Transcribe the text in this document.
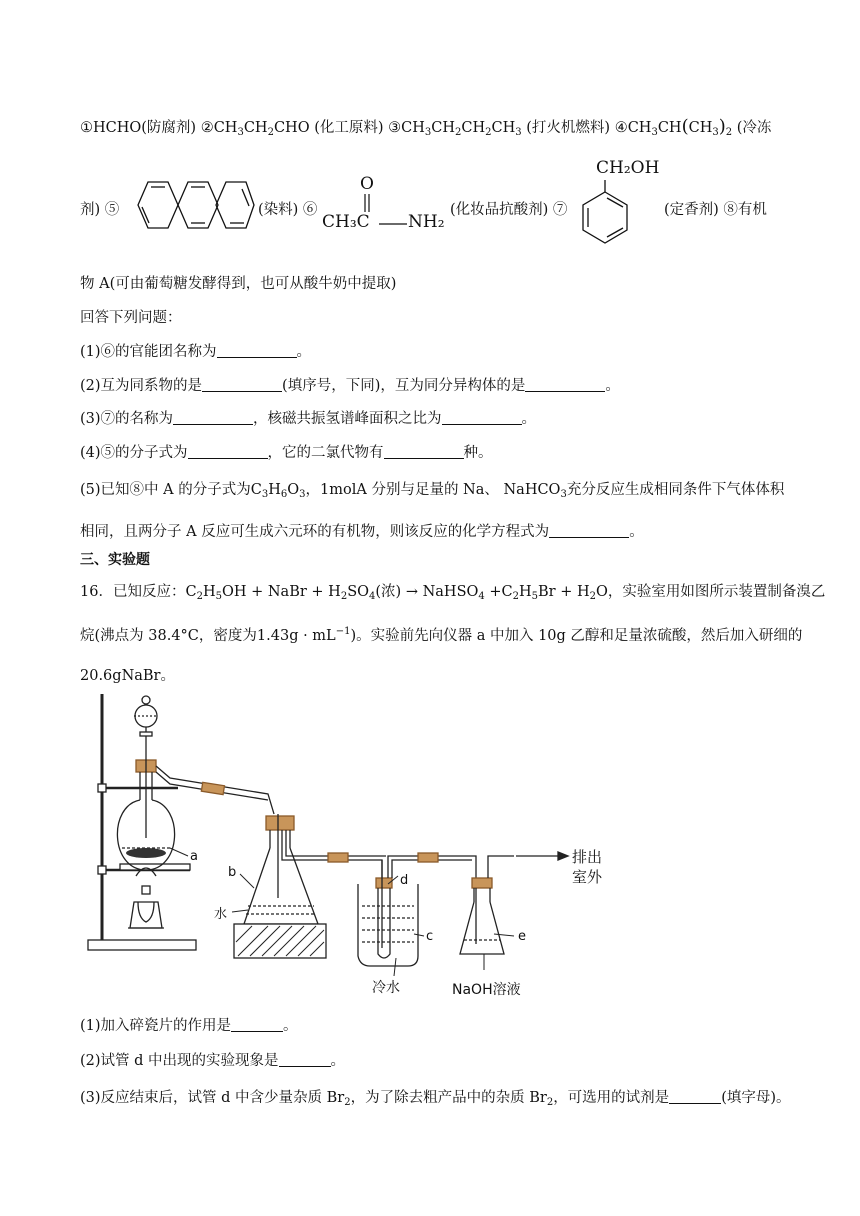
①HCHO(防腐剂) $②CH_3CH_2CHO$ (化工原料) $③CH_3CH_2CH_2CH_3$ (打火机燃料) $④CH_3CH(CH_3)_2$ (冷冻
剂) ⑤	(染料) ⑥	(化妆品抗酸剂) ⑦	(定香剂) ⑧有机
O
CH₃C NH₂
CH₂OH
物 A(可由葡萄糖发酵得到，也可从酸牛奶中提取)
回答下列问题：
(1)⑥的官能团名称为	。
(2)互为同系物的是	(填序号，下同)，互为同分异构体的是	。
(3)⑦的名称为	，核磁共振氢谱峰面积之比为	。
(4)⑤的分子式为	，它的二氯代物有	种。
(5)已知⑧中 A 的分子式为$C_3H_6O_3$，1molA 分别与足量的 Na、 NaHCO$_3$充分反应生成相同条件下气体体积
相同，且两分子 A 反应可生成六元环的有机物，则该反应的化学方程式为	。
三、实验题
16．已知反应：$C_2H_5OH$ + NaBr + $H_2SO_4$(浓) → NaHSO$_4$ $+C_2H_5Br + H_2O$，实验室用如图所示装置制备溴乙
烷(沸点为 38.4°C，密度为$1.43g \cdot mL^{-1}$)。实验前先向仪器 a 中加入 10g 乙醇和足量浓硫酸，然后加入研细的
20.6gNaBr。
a
b
水
d
c	e
冷水	NaOH溶液
排出
室外
(1)加入碎瓷片的作用是	。
(2)试管 d 中出现的实验现象是	。
(3)反应结束后，试管 d 中含少量杂质 $Br_2$，为了除去粗产品中的杂质 $Br_2$，可选用的试剂是	(填字母)。
